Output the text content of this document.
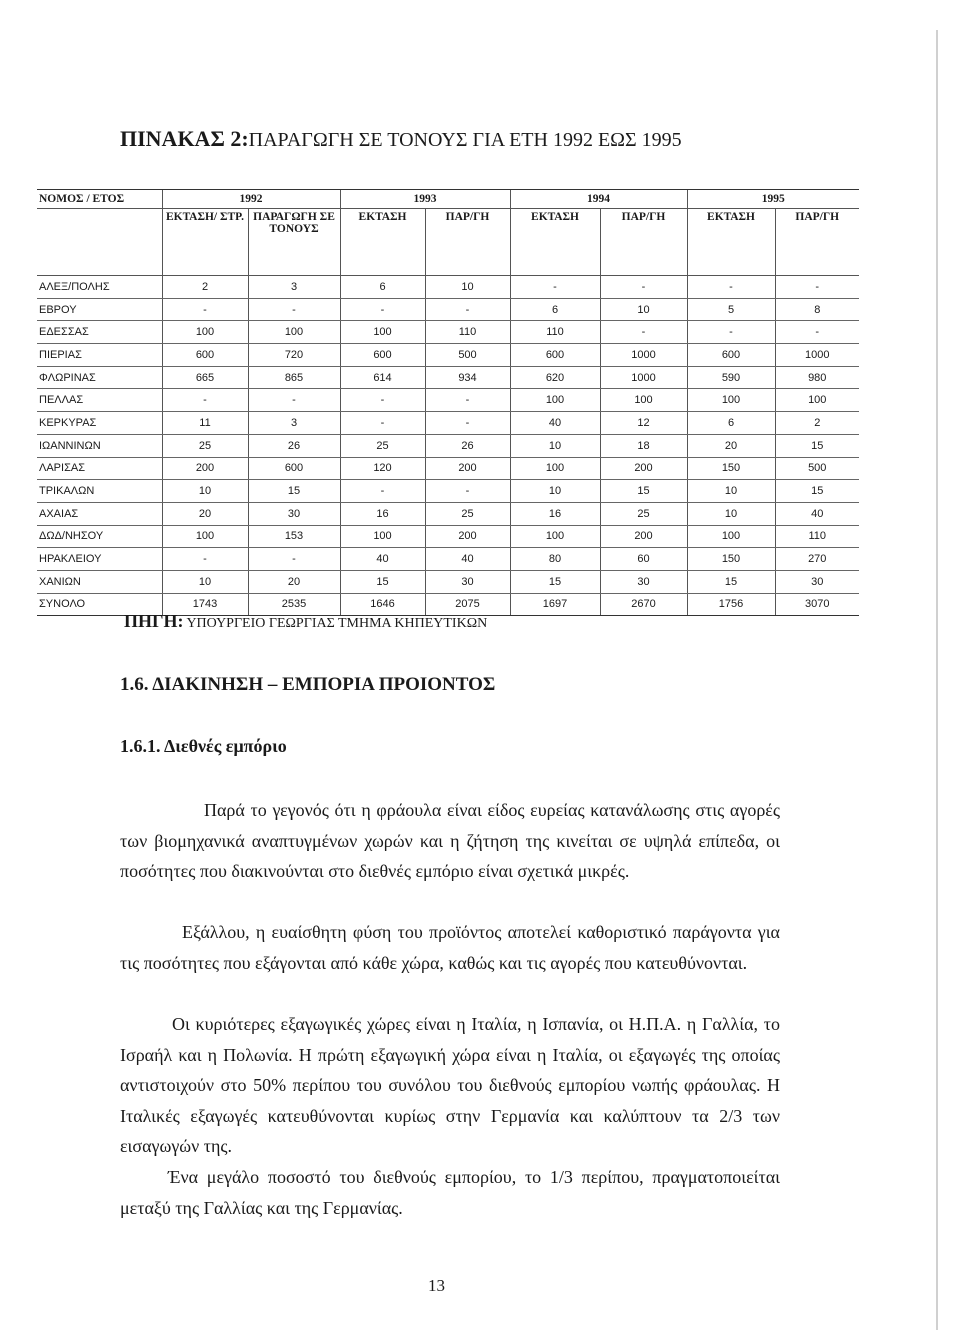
ΠΙΝΑΚΑΣ 2:ΠΑΡΑΓΩΓΗ ΣΕ ΤΟΝΟΥΣ ΓΙΑ ΕΤΗ 1992 ΕΩΣ 1995
ΝΟΜΟΣ / ΕΤΟΣ	1992		1993		1994		1995	
	ΕΚΤΑΣΗ/ ΣΤΡ.	ΠΑΡΑΓΩΓΗ ΣΕ ΤΟΝΟΥΣ	ΕΚΤΑΣΗ	ΠΑΡ/ΓΗ	ΕΚΤΑΣΗ	ΠΑΡ/ΓΗ	ΕΚΤΑΣΗ	ΠΑΡ/ΓΗ
ΑΛΕΞ/ΠΟΛΗΣ	2	3	6	10	-	-	-	-
ΕΒΡΟΥ	-	-	-	-	6	10	5	8
ΕΔΕΣΣΑΣ	100	100	100	110	110	-	-	-
ΠΙΕΡΙΑΣ	600	720	600	500	600	1000	600	1000
ΦΛΩΡΙΝΑΣ	665	865	614	934	620	1000	590	980
ΠΕΛΛΑΣ	-	-	-	-	100	100	100	100
ΚΕΡΚΥΡΑΣ	11	3	-	-	40	12	6	2
ΙΩΑΝΝΙΝΩΝ	25	26	25	26	10	18	20	15
ΛΑΡΙΣΑΣ	200	600	120	200	100	200	150	500
ΤΡΙΚΑΛΩΝ	10	15	-	-	10	15	10	15
ΑΧΑΙΑΣ	20	30	16	25	16	25	10	40
ΔΩΔ/ΝΗΣΟΥ	100	153	100	200	100	200	100	110
ΗΡΑΚΛΕΙΟΥ	-	-	40	40	80	60	150	270
ΧΑΝΙΩΝ	10	20	15	30	15	30	15	30
ΣΥΝΟΛΟ	1743	2535	1646	2075	1697	2670	1756	3070
ΠΗΓΗ: ΥΠΟΥΡΓΕΙΟ ΓΕΩΡΓΙΑΣ ΤΜΗΜΑ ΚΗΠΕΥΤΙΚΩΝ
1.6. ΔΙΑΚΙΝΗΣΗ – ΕΜΠΟΡΙΑ ΠΡΟΙΟΝΤΟΣ
1.6.1. Διεθνές εμπόριο

Παρά το γεγονός ότι η φράουλα είναι είδος ευρείας κατανάλωσης στις αγορές των βιομηχανικά αναπτυγμένων χωρών και η ζήτηση της κινείται σε υψηλά επίπεδα, οι ποσότητες που διακινούνται στο διεθνές εμπόριο είναι σχετικά μικρές.

Εξάλλου, η ευαίσθητη φύση του προϊόντος αποτελεί καθοριστικό παράγοντα για τις ποσότητες που εξάγονται από κάθε χώρα, καθώς και τις αγορές που κατευθύνονται.

Οι κυριότερες εξαγωγικές χώρες είναι η Ιταλία, η Ισπανία, οι Η.Π.Α. η Γαλλία, το Ισραήλ και η Πολωνία. Η πρώτη εξαγωγική χώρα είναι η Ιταλία, οι εξαγωγές της οποίας αντιστοιχούν στο 50% περίπου του συνόλου του διεθνούς εμπορίου νωπής φράουλας. Η Ιταλικές εξαγωγές κατευθύνονται κυρίως στην Γερμανία και καλύπτουν τα 2/3 των εισαγωγών της.

Ένα μεγάλο ποσοστό του διεθνούς εμπορίου, το 1/3 περίπου, πραγματοποιείται μεταξύ της Γαλλίας και της Γερμανίας.

13
